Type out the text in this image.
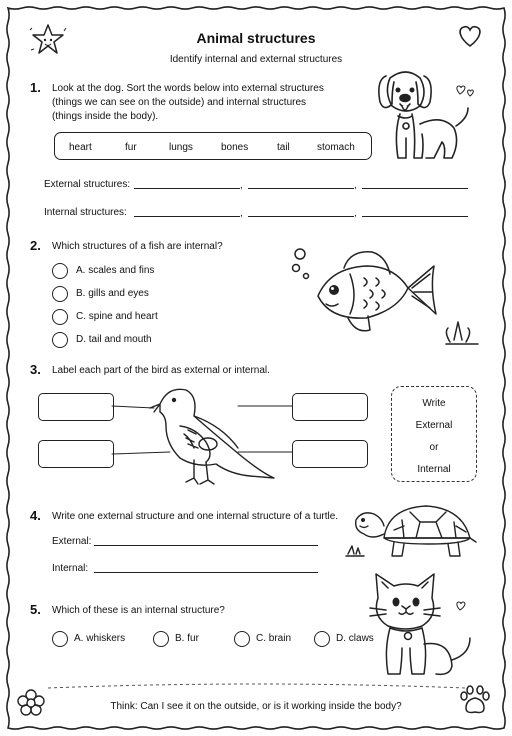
Animal structures
Identify internal and external structures
1. Look at the dog. Sort the words below into external structures
(things we can see on the outside) and internal structures
(things inside the body).
heart	fur	lungs	bones	tail	stomach
External structures:	,	,
Internal structures:	,	,
2. Which structures of a fish are internal?
A. scales and fins
B. gills and eyes
C. spine and heart
D. tail and mouth
3. Label each part of the bird as external or internal.
Write
External
or
Internal
4. Write one external structure and one internal structure of a turtle.
External:
Internal:
5. Which of these is an internal structure?
A. whiskers	B. fur	C. brain	D. claws
Think: Can I see it on the outside, or is it working inside the body?
